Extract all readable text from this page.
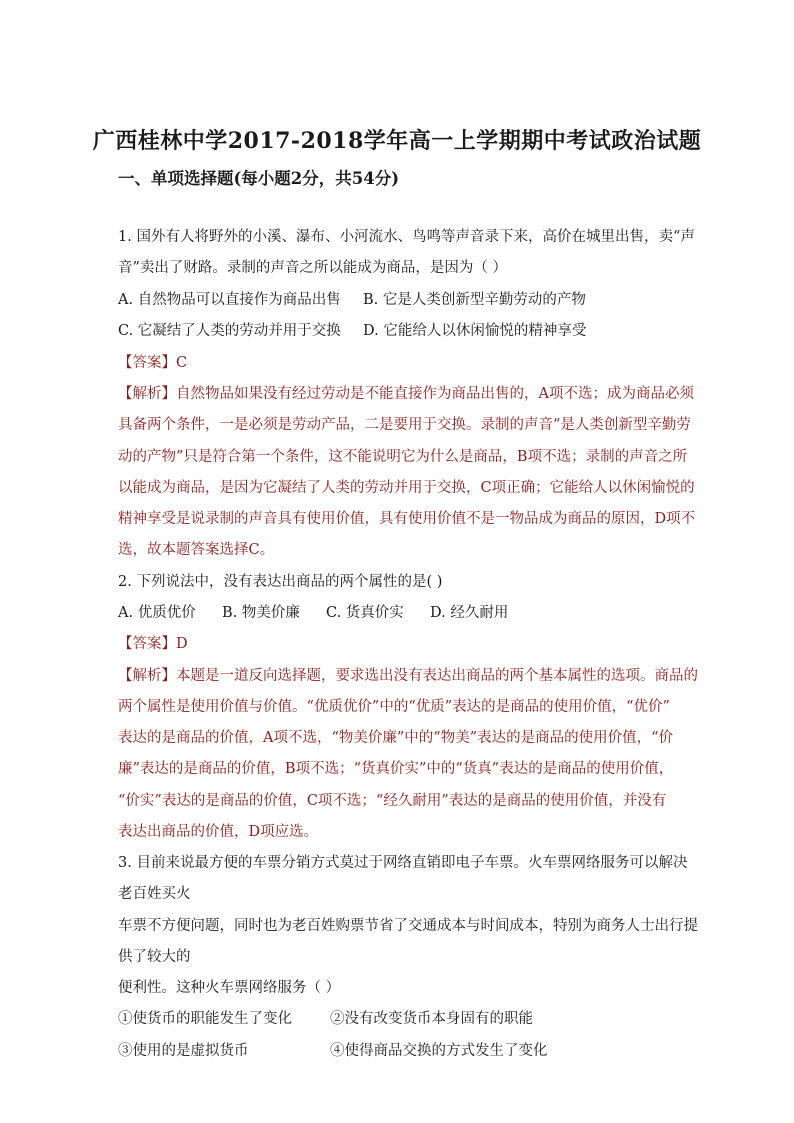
广西桂林中学2017-2018学年高一上学期期中考试政治试题
一、单项选择题(每小题2分，共54分)
1. 国外有人将野外的小溪、瀑布、小河流水、鸟鸣等声音录下来，高价在城里出售，卖“声
音”卖出了财路。录制的声音之所以能成为商品，是因为（ ）
A. 自然物品可以直接作为商品出售 B. 它是人类创新型辛勤劳动的产物
C. 它凝结了人类的劳动并用于交换 D. 它能给人以休闲愉悦的精神享受
【答案】C
【解析】自然物品如果没有经过劳动是不能直接作为商品出售的，A项不选；成为商品必须
具备两个条件，一是必须是劳动产品，二是要用于交换。录制的声音“是人类创新型辛勤劳
动的产物”只是符合第一个条件，这不能说明它为什么是商品，B项不选；录制的声音之所
以能成为商品，是因为它凝结了人类的劳动并用于交换，C项正确；它能给人以休闲愉悦的
精神享受是说录制的声音具有使用价值，具有使用价值不是一物品成为商品的原因，D项不
选，故本题答案选择C。
2. 下列说法中，没有表达出商品的两个属性的是( )
A. 优质优价 B. 物美价廉 C. 货真价实 D. 经久耐用
【答案】D
【解析】本题是一道反向选择题，要求选出没有表达出商品的两个基本属性的选项。商品的
两个属性是使用价值与价值。“优质优价”中的“优质”表达的是商品的使用价值，“优价”
表达的是商品的价值，A项不选，“物美价廉”中的“物美”表达的是商品的使用价值，“价
廉”表达的是商品的价值，B项不选；“货真价实”中的“货真”表达的是商品的使用价值，
“价实”表达的是商品的价值，C项不选；“经久耐用”表达的是商品的使用价值，并没有
表达出商品的价值，D项应选。
3. 目前来说最方便的车票分销方式莫过于网络直销即电子车票。火车票网络服务可以解决
老百姓买火
车票不方便问题，同时也为老百姓购票节省了交通成本与时间成本，特别为商务人士出行提
供了较大的
便利性。这种火车票网络服务（ ）
①使货币的职能发生了变化	②没有改变货币本身固有的职能
③使用的是虚拟货币	④使得商品交换的方式发生了变化
